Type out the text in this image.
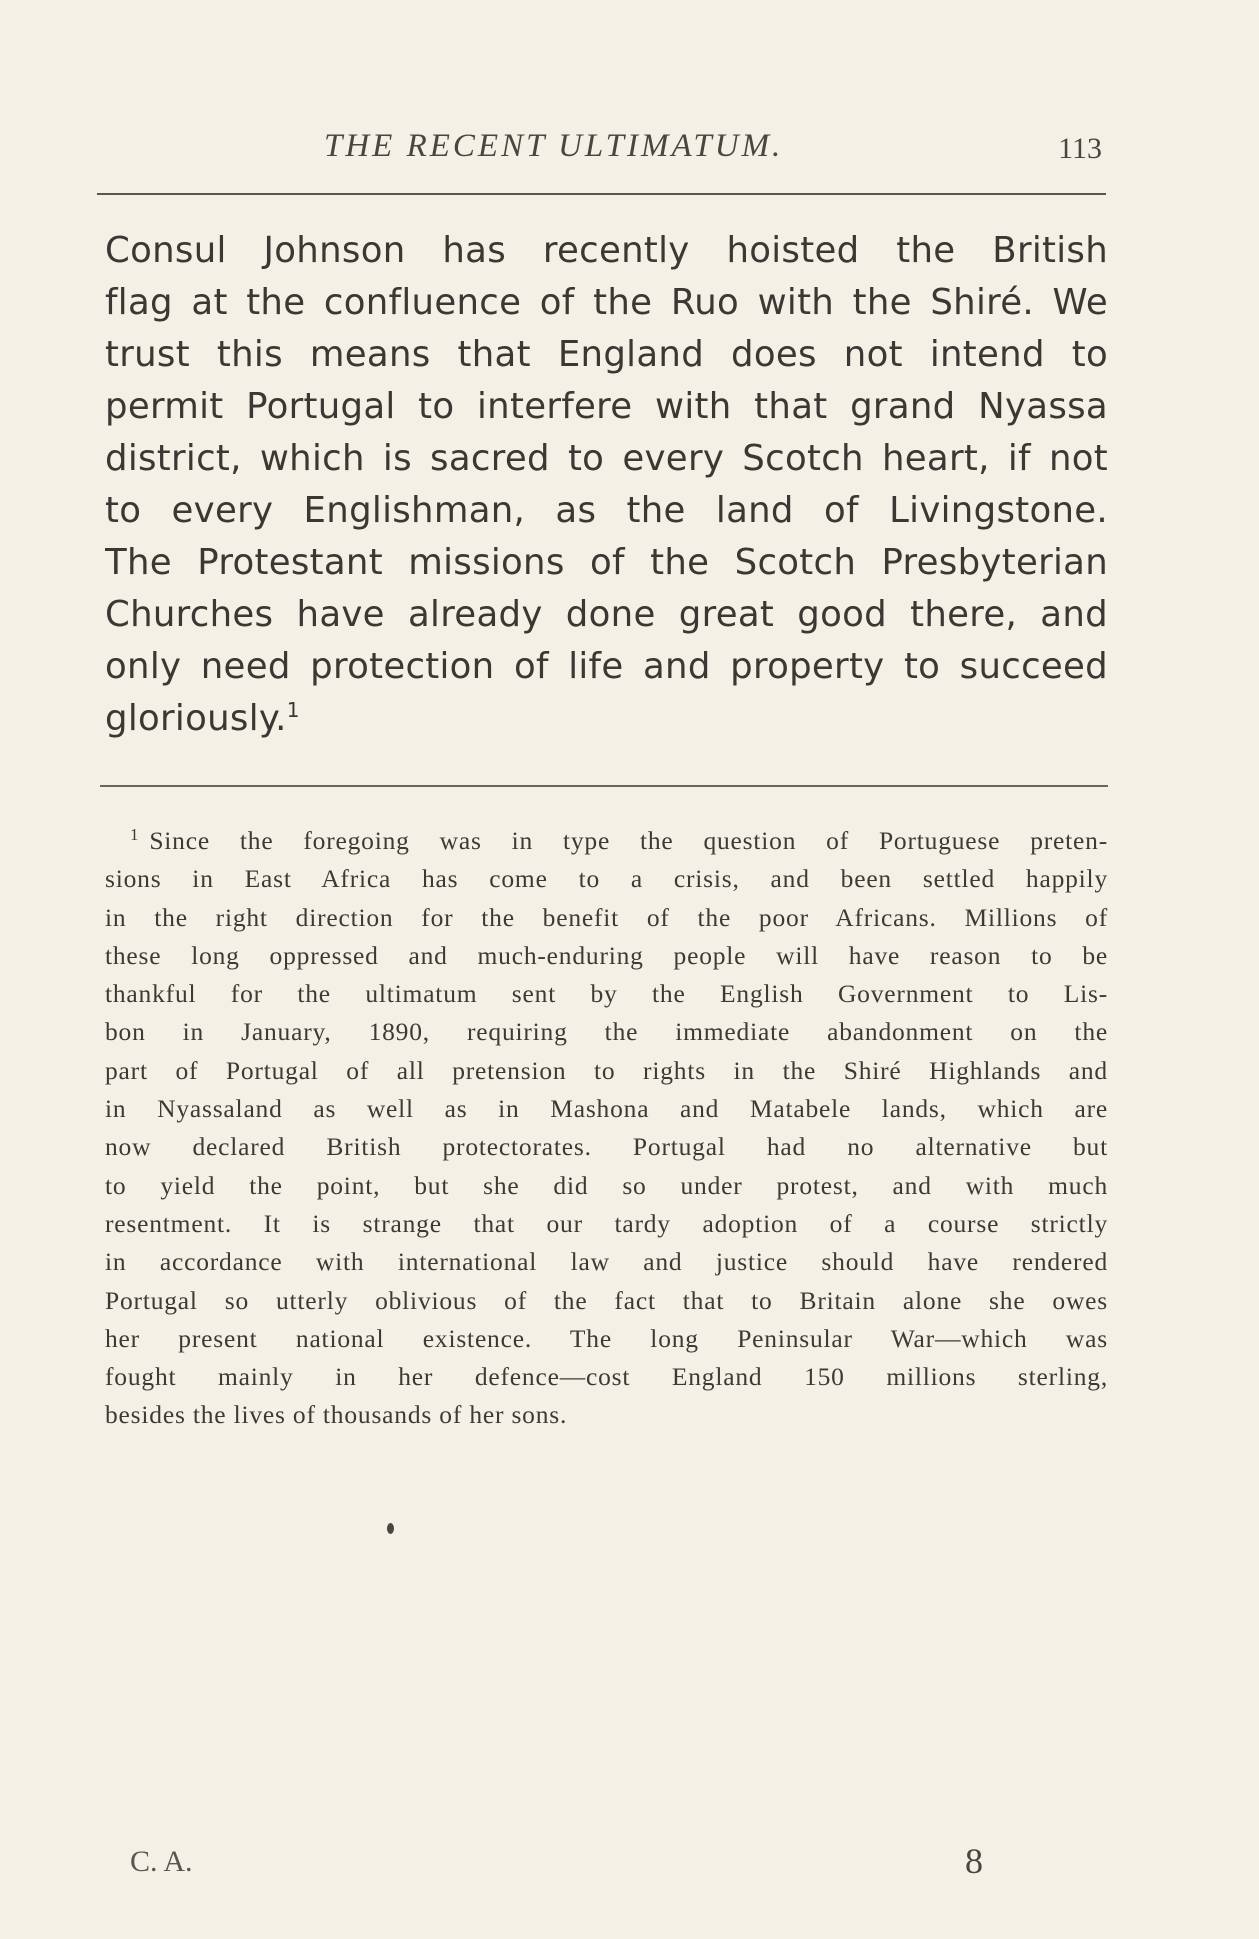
THE RECENT ULTIMATUM.	113
Consul Johnson has recently hoisted the British
flag at the confluence of the Ruo with the Shiré. We
trust this means that England does not intend to
permit Portugal to interfere with that grand Nyassa
district, which is sacred to every Scotch heart, if not
to every Englishman, as the land of Livingstone.
The Protestant missions of the Scotch Presbyterian
Churches have already done great good there, and
only need protection of life and property to succeed
gloriously.$^1$
$^1$ Since the foregoing was in type the question of Portuguese preten-
sions in East Africa has come to a crisis, and been settled happily
in the right direction for the benefit of the poor Africans. Millions of
these long oppressed and much-enduring people will have reason to be
thankful for the ultimatum sent by the English Government to Lis-
bon in January, 1890, requiring the immediate abandonment on the
part of Portugal of all pretension to rights in the Shiré Highlands and
in Nyassaland as well as in Mashona and Matabele lands, which are
now declared British protectorates. Portugal had no alternative but
to yield the point, but she did so under protest, and with much
resentment. It is strange that our tardy adoption of a course strictly
in accordance with international law and justice should have rendered
Portugal so utterly oblivious of the fact that to Britain alone she owes
her present national existence. The long Peninsular War—which was
fought mainly in her defence—cost England 150 millions sterling,
besides the lives of thousands of her sons.
C. A.	8
